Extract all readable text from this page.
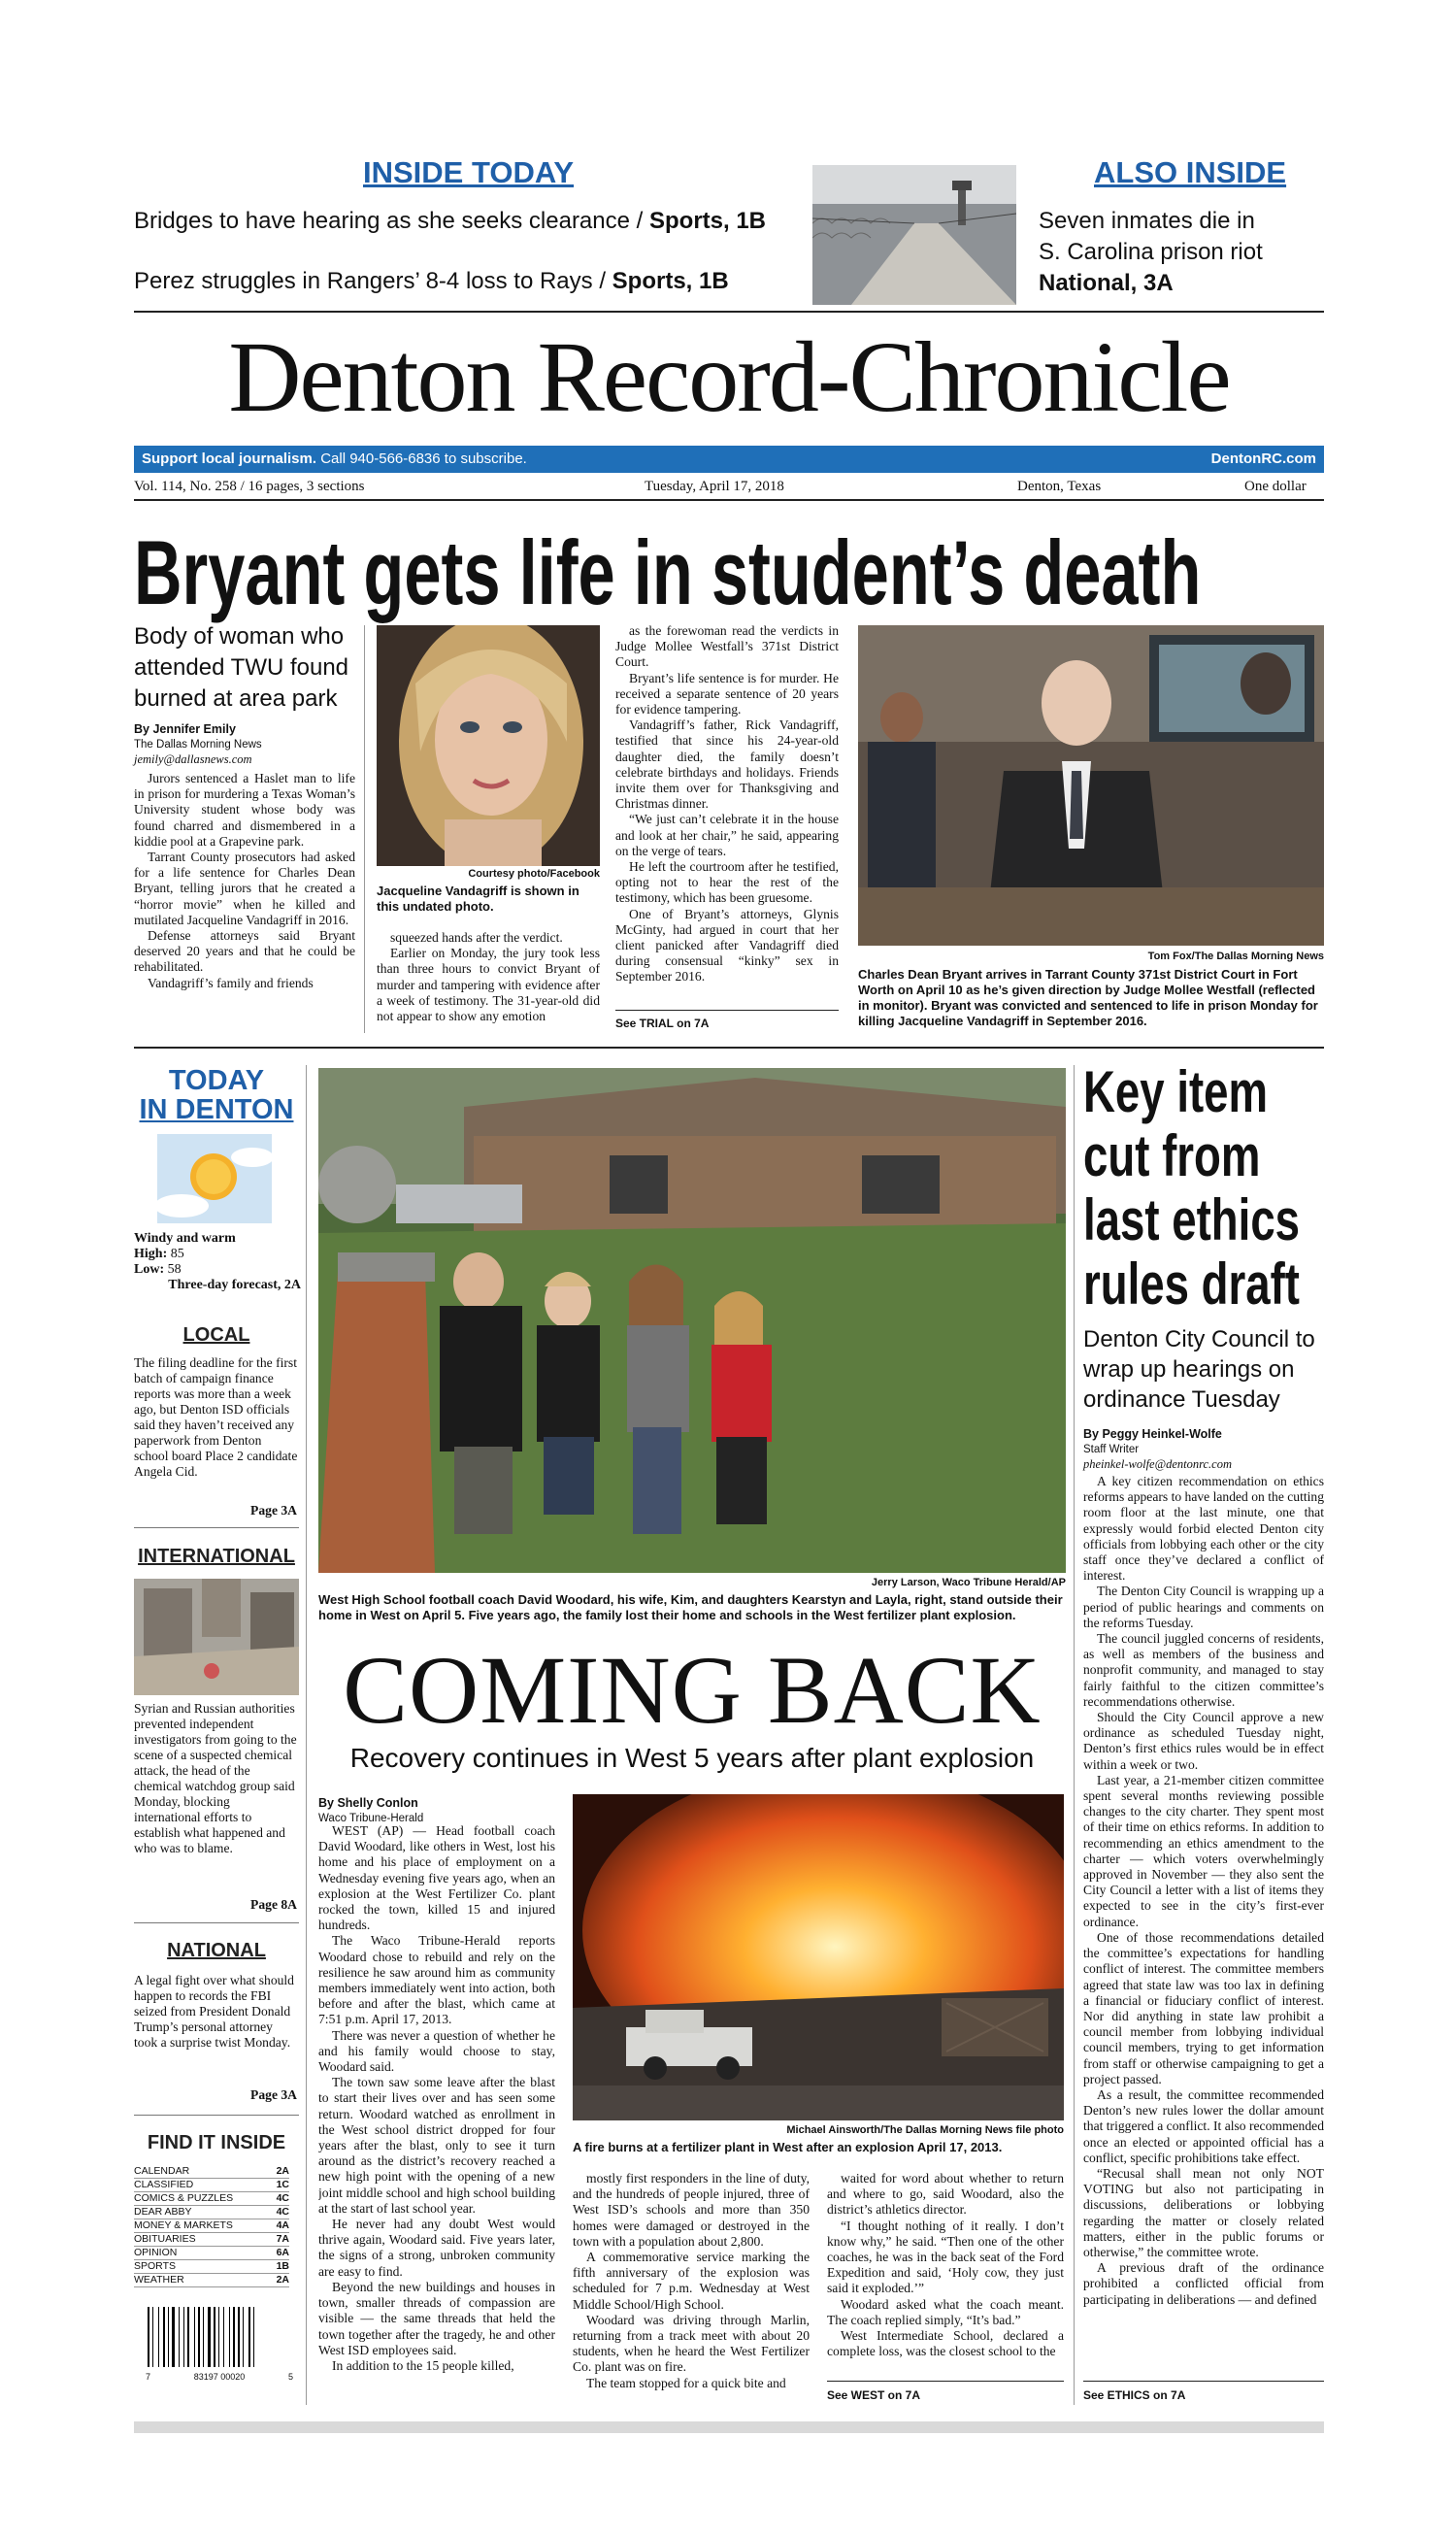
INSIDE TODAY
Bridges to have hearing as she seeks clearance / Sports, 1B
Perez struggles in Rangers’ 8-4 loss to Rays / Sports, 1B
ALSO INSIDE
Seven inmates die in
S. Carolina prison riot
National, 3A
Denton Record-Chronicle
Support local journalism. Call 940-566-6836 to subscribe.	DentonRC.com
Vol. 114, No. 258 / 16 pages, 3 sections	Tuesday, April 17, 2018	Denton, Texas	One dollar
Bryant gets life in student’s death
Body of woman who attended TWU found burned at area park
By Jennifer Emily
The Dallas Morning News
jemily@dallasnews.com

Jurors sentenced a Haslet man to life in prison for murdering a Texas Woman’s University student whose body was found charred and dismembered in a kiddie pool at a Grapevine park.

Tarrant County prosecutors had asked for a life sentence for Charles Dean Bryant, telling jurors that he created a “horror movie” when he killed and mutilated Jacqueline Vandagriff in 2016.

Defense attorneys said Bryant deserved 20 years and that he could be rehabilitated.

Vandagriff’s family and friends

Courtesy photo/Facebook
Jacqueline Vandagriff is shown in this undated photo.

squeezed hands after the verdict.

Earlier on Monday, the jury took less than three hours to convict Bryant of murder and tampering with evidence after a week of testimony. The 31-year-old did not appear to show any emotion

as the forewoman read the verdicts in Judge Mollee Westfall’s 371st District Court.

Bryant’s life sentence is for murder. He received a separate sentence of 20 years for evidence tampering.

Vandagriff’s father, Rick Vandagriff, testified that since his 24-year-old daughter died, the family doesn’t celebrate birthdays and holidays. Friends invite them over for Thanksgiving and Christmas dinner.

“We just can’t celebrate it in the house and look at her chair,” he said, appearing on the verge of tears.

He left the courtroom after he testified, opting not to hear the rest of the testimony, which has been gruesome.

One of Bryant’s attorneys, Glynis McGinty, had argued in court that her client panicked after Vandagriff died during consensual “kinky” sex in September 2016.

See TRIAL on 7A
Tom Fox/The Dallas Morning News
Charles Dean Bryant arrives in Tarrant County 371st District Court in Fort Worth on April 10 as he’s given direction by Judge Mollee Westfall (reflected in monitor). Bryant was convicted and sentenced to life in prison Monday for killing Jacqueline Vandagriff in September 2016.
TODAY
IN DENTON
Windy and warm
High: 85
Low: 58
Three-day forecast, 2A
LOCAL
The filing deadline for the first batch of campaign finance reports was more than a week ago, but Denton ISD officials said they haven’t received any paperwork from Denton school board Place 2 candidate Angela Cid.
Page 3A
INTERNATIONAL
Syrian and Russian authorities prevented independent investigators from going to the scene of a suspected chemical attack, the head of the chemical watchdog group said Monday, blocking international efforts to establish what happened and who was to blame.
Page 8A
NATIONAL
A legal fight over what should happen to records the FBI seized from President Donald Trump’s personal attorney took a surprise twist Monday.
Page 3A
FIND IT INSIDE
CALENDAR	2A
CLASSIFIED	1C
COMICS & PUZZLES	4C
DEAR ABBY	4C
MONEY & MARKETS	4A
OBITUARIES	7A
OPINION	6A
SPORTS	1B
WEATHER	2A
7	83197 00020	5
Jerry Larson, Waco Tribune Herald/AP
West High School football coach David Woodard, his wife, Kim, and daughters Kearstyn and Layla, right, stand outside their home in West on April 5. Five years ago, the family lost their home and schools in the West fertilizer plant explosion.
COMING BACK
Recovery continues in West 5 years after plant explosion
By Shelly Conlon
Waco Tribune-Herald

WEST (AP) — Head football coach David Woodard, like others in West, lost his home and his place of employment on a Wednesday evening five years ago, when an explosion at the West Fertilizer Co. plant rocked the town, killed 15 and injured hundreds.

The Waco Tribune-Herald reports Woodard chose to rebuild and rely on the resilience he saw around him as community members immediately went into action, both before and after the blast, which came at 7:51 p.m. April 17, 2013.

There was never a question of whether he and his family would choose to stay, Woodard said.

The town saw some leave after the blast to start their lives over and has seen some return. Woodard watched as enrollment in the West school district dropped for four years after the blast, only to see it turn around as the district’s recovery reached a new high point with the opening of a new joint middle school and high school building at the start of last school year.

He never had any doubt West would thrive again, Woodard said. Five years later, the signs of a strong, unbroken community are easy to find.

Beyond the new buildings and houses in town, smaller threads of compassion are visible — the same threads that held the town together after the tragedy, he and other West ISD employees said.

In addition to the 15 people killed,

Michael Ainsworth/The Dallas Morning News file photo
A fire burns at a fertilizer plant in West after an explosion April 17, 2013.

mostly first responders in the line of duty, and the hundreds of people injured, three of West ISD’s schools and more than 350 homes were damaged or destroyed in the town with a population about 2,800.

A commemorative service marking the fifth anniversary of the explosion was scheduled for 7 p.m. Wednesday at West Middle School/High School.

Woodard was driving through Marlin, returning from a track meet with about 20 students, when he heard the West Fertilizer Co. plant was on fire.

The team stopped for a quick bite and

waited for word about whether to return and where to go, said Woodard, also the district’s athletics director.

“I thought nothing of it really. I don’t know why,” he said. “Then one of the other coaches, he was in the back seat of the Ford Expedition and said, ‘Holy cow, they just said it exploded.’”

Woodard asked what the coach meant. The coach replied simply, “It’s bad.”

West Intermediate School, declared a complete loss, was the closest school to the

See WEST on 7A
Key item cut from last ethics rules draft
Denton City Council to wrap up hearings on ordinance Tuesday
By Peggy Heinkel-Wolfe
Staff Writer
pheinkel-wolfe@dentonrc.com

A key citizen recommendation on ethics reforms appears to have landed on the cutting room floor at the last minute, one that expressly would forbid elected Denton city officials from lobbying each other or the city staff once they’ve declared a conflict of interest.

The Denton City Council is wrapping up a period of public hearings and comments on the reforms Tuesday.

The council juggled concerns of residents, as well as members of the business and nonprofit community, and managed to stay fairly faithful to the citizen committee’s recommendations otherwise.

Should the City Council approve a new ordinance as scheduled Tuesday night, Denton’s first ethics rules would be in effect within a week or two.

Last year, a 21-member citizen committee spent several months reviewing possible changes to the city charter. They spent most of their time on ethics reforms. In addition to recommending an ethics amendment to the charter — which voters overwhelmingly approved in November — they also sent the City Council a letter with a list of items they expected to see in the city’s first-ever ordinance.

One of those recommendations detailed the committee’s expectations for handling conflict of interest. The committee members agreed that state law was too lax in defining a financial or fiduciary conflict of interest. Nor did anything in state law prohibit a council member from lobbying individual council members, trying to get information from staff or otherwise campaigning to get a project passed.

As a result, the committee recommended Denton’s new rules lower the dollar amount that triggered a conflict. It also recommended once an elected or appointed official has a conflict, specific prohibitions take effect.

“Recusal shall mean not only NOT VOTING but also not participating in discussions, deliberations or lobbying regarding the matter or closely related matters, either in the public forums or otherwise,” the committee wrote.

A previous draft of the ordinance prohibited a conflicted official from participating in deliberations — and defined

See ETHICS on 7A
